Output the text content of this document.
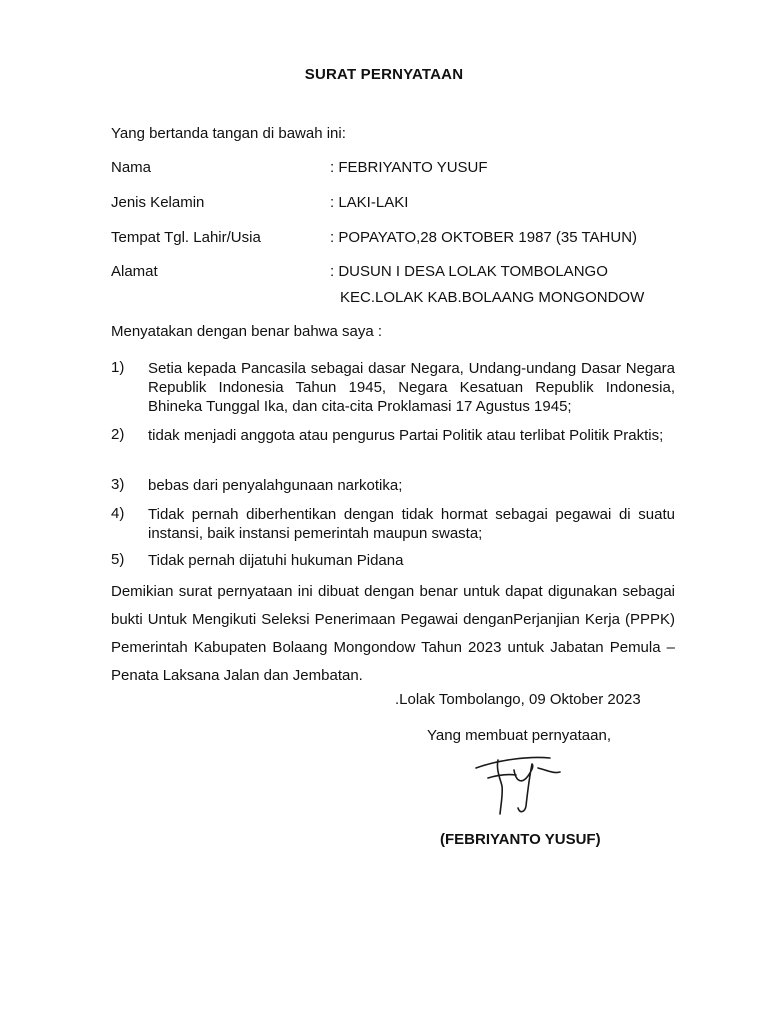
SURAT PERNYATAAN
Yang bertanda tangan di bawah ini:
Nama	: FEBRIYANTO YUSUF
Jenis Kelamin	: LAKI-LAKI
Tempat Tgl. Lahir/Usia	: POPAYATO,28 OKTOBER 1987 (35 TAHUN)
Alamat	: DUSUN I DESA LOLAK TOMBOLANGO
KEC.LOLAK KAB.BOLAANG MONGONDOW
Menyatakan dengan benar bahwa saya :
1) Setia kepada Pancasila sebagai dasar Negara, Undang-undang Dasar Negara Republik Indonesia Tahun 1945, Negara Kesatuan Republik Indonesia, Bhineka Tunggal Ika, dan cita-cita Proklamasi 17 Agustus 1945;
2) tidak menjadi anggota atau pengurus Partai Politik atau terlibat Politik Praktis;
3) bebas dari penyalahgunaan narkotika;
4) Tidak pernah diberhentikan dengan tidak hormat sebagai pegawai di suatu instansi, baik instansi pemerintah maupun swasta;
5) Tidak pernah dijatuhi hukuman Pidana
Demikian surat pernyataan ini dibuat dengan benar untuk dapat digunakan sebagai bukti Untuk Mengikuti Seleksi Penerimaan Pegawai denganPerjanjian Kerja (PPPK) Pemerintah Kabupaten Bolaang Mongondow Tahun 2023 untuk Jabatan Pemula – Penata Laksana Jalan dan Jembatan.
.Lolak Tombolango, 09 Oktober 2023
Yang membuat pernyataan,
(FEBRIYANTO YUSUF)
